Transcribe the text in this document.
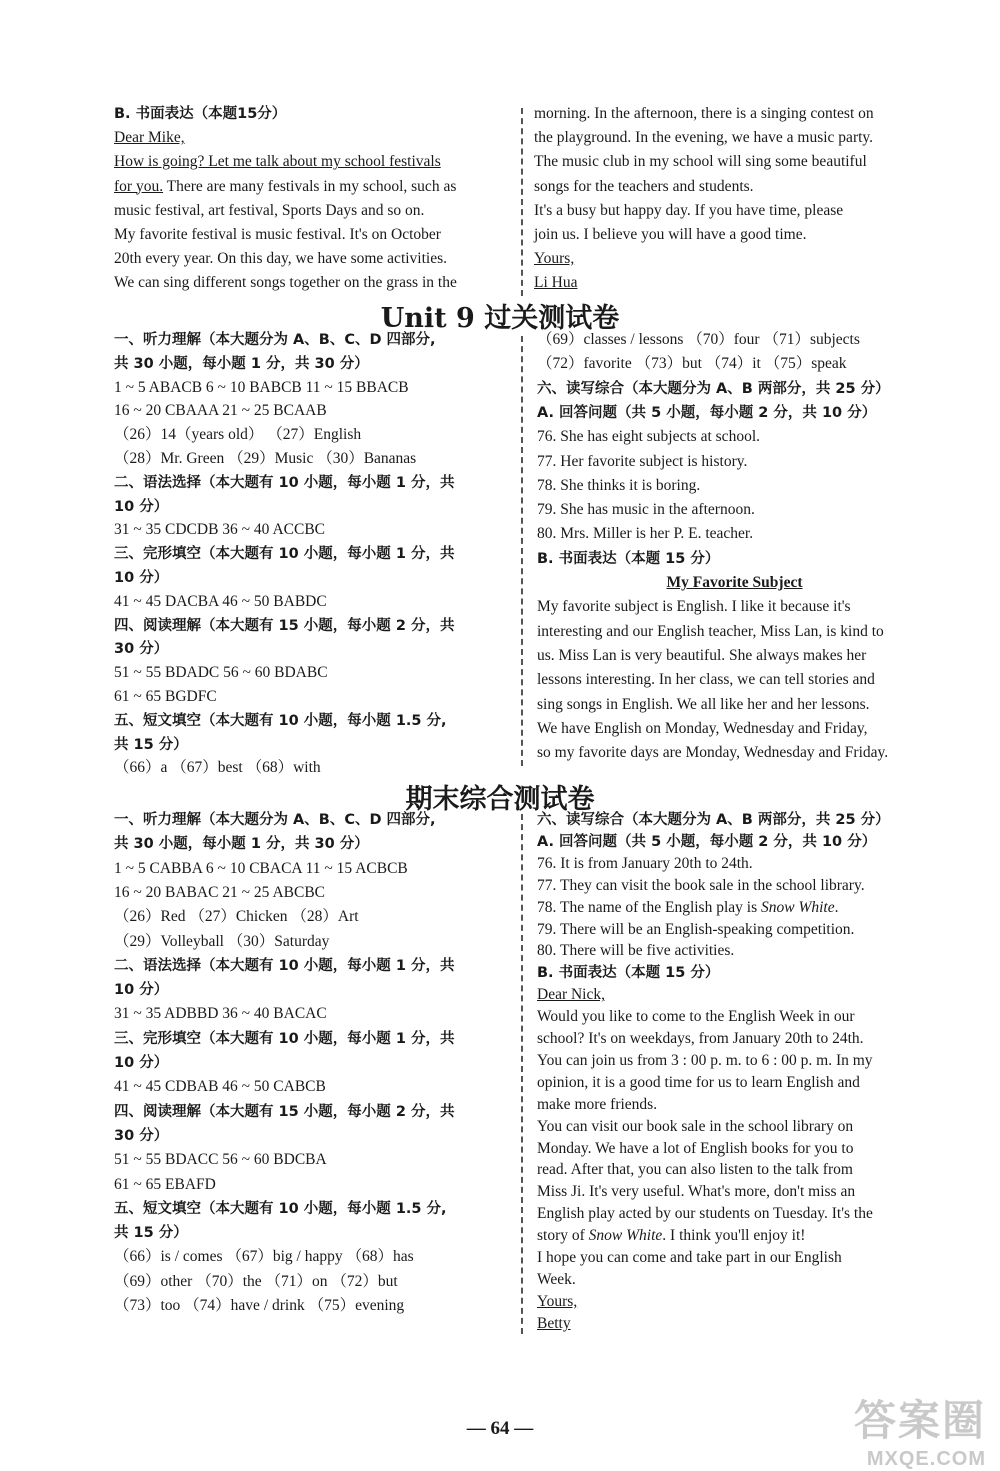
B. 书面表达（本题15分）
Dear Mike,
How is going? Let me talk about my school festivals
for you. There are many festivals in my school, such as
music festival, art festival, Sports Days and so on.
My favorite festival is music festival. It's on October
20th every year. On this day, we have some activities.
We can sing different songs together on the grass in the
morning. In the afternoon, there is a singing contest on
the playground. In the evening, we have a music party.
The music club in my school will sing some beautiful
songs for the teachers and students.
It's a busy but happy day. If you have time, please
join us. I believe you will have a good time.
Yours,
Li Hua
一、听力理解（本大题分为 A、B、C、D 四部分,
共 30 小题，每小题 1 分，共 30 分）
1 ~ 5 ABACB 6 ~ 10 BABCB 11 ~ 15 BBACB
16 ~ 20 CBAAA 21 ~ 25 BCAAB
（26）14（years old） （27）English
（28）Mr. Green （29）Music （30）Bananas
二、语法选择（本大题有 10 小题，每小题 1 分，共
10 分）
31 ~ 35 CDCDB 36 ~ 40 ACCBC
三、完形填空（本大题有 10 小题，每小题 1 分，共
10 分）
41 ~ 45 DACBA 46 ~ 50 BABDC
四、阅读理解（本大题有 15 小题，每小题 2 分，共
30 分）
51 ~ 55 BDADC 56 ~ 60 BDABC
61 ~ 65 BGDFC
五、短文填空（本大题有 10 小题，每小题 1.5 分,
共 15 分）
（66）a （67）best （68）with
（69）classes / lessons （70）four （71）subjects
（72）favorite （73）but （74）it （75）speak
六、读写综合（本大题分为 A、B 两部分，共 25 分）
A. 回答问题（共 5 小题，每小题 2 分，共 10 分）
76. She has eight subjects at school.
77. Her favorite subject is history.
78. She thinks it is boring.
79. She has music in the afternoon.
80. Mrs. Miller is her P. E. teacher.
B. 书面表达（本题 15 分）
My Favorite Subject
My favorite subject is English. I like it because it's
interesting and our English teacher, Miss Lan, is kind to
us. Miss Lan is very beautiful. She always makes her
lessons interesting. In her class, we can tell stories and
sing songs in English. We all like her and her lessons.
We have English on Monday, Wednesday and Friday,
so my favorite days are Monday, Wednesday and Friday.
一、听力理解（本大题分为 A、B、C、D 四部分,
共 30 小题，每小题 1 分，共 30 分）
1 ~ 5 CABBA 6 ~ 10 CBACA 11 ~ 15 ACBCB
16 ~ 20 BABAC 21 ~ 25 ABCBC
（26）Red （27）Chicken （28）Art
（29）Volleyball （30）Saturday
二、语法选择（本大题有 10 小题，每小题 1 分，共
10 分）
31 ~ 35 ADBBD 36 ~ 40 BACAC
三、完形填空（本大题有 10 小题，每小题 1 分，共
10 分）
41 ~ 45 CDBAB 46 ~ 50 CABCB
四、阅读理解（本大题有 15 小题，每小题 2 分，共
30 分）
51 ~ 55 BDACC 56 ~ 60 BDCBA
61 ~ 65 EBAFD
五、短文填空（本大题有 10 小题，每小题 1.5 分,
共 15 分）
（66）is / comes （67）big / happy （68）has
（69）other （70）the （71）on （72）but
（73）too （74）have / drink （75）evening
六、读写综合（本大题分为 A、B 两部分，共 25 分）
A. 回答问题（共 5 小题，每小题 2 分，共 10 分）
76. It is from January 20th to 24th.
77. They can visit the book sale in the school library.
78. The name of the English play is Snow White.
79. There will be an English-speaking competition.
80. There will be five activities.
B. 书面表达（本题 15 分）
Dear Nick,
Would you like to come to the English Week in our
school? It's on weekdays, from January 20th to 24th.
You can join us from 3 : 00 p. m. to 6 : 00 p. m. In my
opinion, it is a good time for us to learn English and
make more friends.
You can visit our book sale in the school library on
Monday. We have a lot of English books for you to
read. After that, you can also listen to the talk from
Miss Ji. It's very useful. What's more, don't miss an
English play acted by our students on Tuesday. It's the
story of Snow White. I think you'll enjoy it!
I hope you can come and take part in our English
Week.
Yours,
Betty
Unit 9 过关测试卷
期末综合测试卷
— 64 —	答案圈
MXQE.COM
